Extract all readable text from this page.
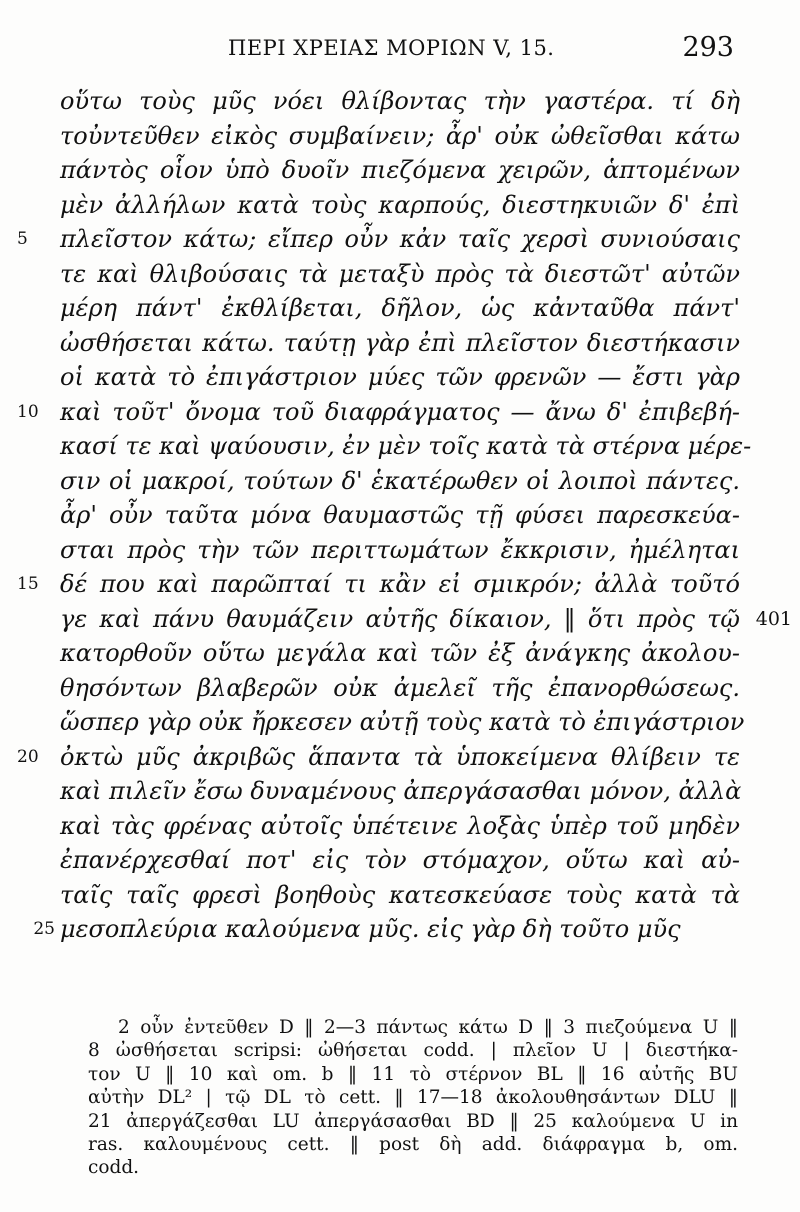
ΠΕΡΙ ΧΡΕΙΑΣ ΜΟΡΙΩΝ V, 15.	293
οὕτω τοὺς μῦς νόει θλίβοντας τὴν γαστέρα. τί δὴ
τοὐντεῦθεν εἰκὸς συμβαίνειν; ἆρ' οὐκ ὠθεῖσθαι κάτω
πάντὸς οἷον ὑπὸ δυοῖν πιεζόμενα χειρῶν, ἁπτομένων
μὲν ἀλλήλων κατὰ τοὺς καρπούς, διεστηκυιῶν δ' ἐπὶ
5	πλεῖστον κάτω; εἴπερ οὖν κἀν ταῖς χερσὶ συνιούσαις
τε καὶ θλιβούσαις τὰ μεταξὺ πρὸς τὰ διεστῶτ' αὐτῶν
μέρη πάντ' ἐκθλίβεται, δῆλον, ὡς κἀνταῦθα πάντ'
ὠσθήσεται κάτω. ταύτῃ γὰρ ἐπὶ πλεῖστον διεστήκασιν
οἱ κατὰ τὸ ἐπιγάστριον μύες τῶν φρενῶν — ἔστι γὰρ
10 καὶ τοῦτ' ὄνομα τοῦ διαφράγματος — ἄνω δ' ἐπιβεβή-
κασί τε καὶ ψαύουσιν, ἐν μὲν τοῖς κατὰ τὰ στέρνα μέρε-
σιν οἱ μακροί, τούτων δ' ἑκατέρωθεν οἱ λοιποὶ πάντες.
ἆρ' οὖν ταῦτα μόνα θαυμαστῶς τῇ φύσει παρεσκεύα-
σται πρὸς τὴν τῶν περιττωμάτων ἔκκρισιν, ἠμέληται
15 δέ που καὶ παρῶπταί τι κἂν εἰ σμικρόν; ἀλλὰ τοῦτό
γε καὶ πάνυ θαυμάζειν αὐτῆς δίκαιον, ‖ ὅτι πρὸς τῷ 401
κατορθοῦν οὕτω μεγάλα καὶ τῶν ἐξ ἀνάγκης ἀκολου-
θησόντων βλαβερῶν οὐκ ἀμελεῖ τῆς ἐπανορθώσεως.
ὥσπερ γὰρ οὐκ ἤρκεσεν αὐτῇ τοὺς κατὰ τὸ ἐπιγάστριον
20 ὀκτὼ μῦς ἀκριβῶς ἅπαντα τὰ ὑποκείμενα θλίβειν τε
καὶ πιλεῖν ἔσω δυναμένους ἀπεργάσασθαι μόνον, ἀλλὰ
καὶ τὰς φρένας αὐτοῖς ὑπέτεινε λοξὰς ὑπὲρ τοῦ μηδὲν
ἐπανέρχεσθαί ποτ' εἰς τὸν στόμαχον, οὕτω καὶ αὐ-
ταῖς ταῖς φρεσὶ βοηθοὺς κατεσκεύασε τοὺς κατὰ τὰ
25 μεσοπλεύρια καλούμενα μῦς. εἰς γὰρ δὴ τοῦτο μῦς
2 οὖν ἐντεῦθεν D ‖ 2—3 πάντως κάτω D ‖ 3 πιεζούμενα U ‖
8 ὠσθήσεται scripsi: ὠθήσεται codd. | πλεῖον U | διεστήκα-
τον U ‖ 10 καὶ om. b ‖ 11 τὸ στέρνον BL ‖ 16 αὐτῆς BU
αὐτὴν DL² | τῷ DL τὸ cett. ‖ 17—18 ἀκολουθησάντων DLU ‖
21 ἀπεργάζεσθαι LU ἀπεργάσασθαι BD ‖ 25 καλούμενα U in
ras. καλουμένους cett. ‖ post δὴ add. διάφραγμα b, om.
codd.
